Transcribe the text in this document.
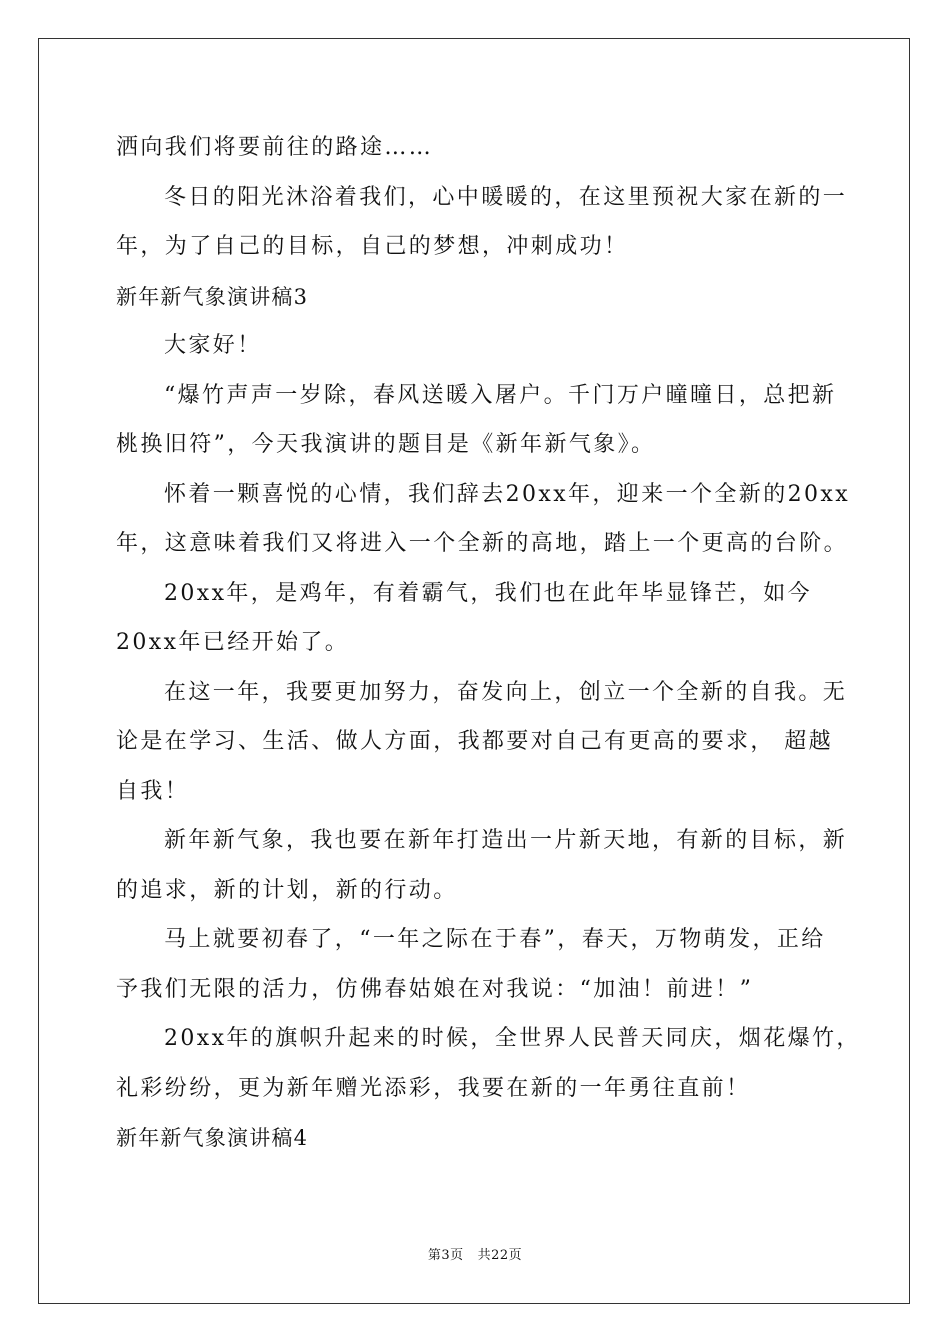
洒向我们将要前往的路途……
冬日的阳光沐浴着我们，心中暖暖的，在这里预祝大家在新的一
年，为了自己的目标，自己的梦想，冲刺成功！
新年新气象演讲稿3
大家好！
“爆竹声声一岁除，春风送暖入屠户。千门万户曈曈日，总把新
桃换旧符”，今天我演讲的题目是《新年新气象》。
怀着一颗喜悦的心情，我们辞去20xx年，迎来一个全新的20xx
年，这意味着我们又将进入一个全新的高地，踏上一个更高的台阶。
20xx年，是鸡年，有着霸气，我们也在此年毕显锋芒，如今
20xx年已经开始了。
在这一年，我要更加努力，奋发向上，创立一个全新的自我。无
论是在学习、生活、做人方面，我都要对自己有更高的要求， 超越
自我！
新年新气象，我也要在新年打造出一片新天地，有新的目标，新
的追求，新的计划，新的行动。
马上就要初春了，“一年之际在于春”，春天，万物萌发，正给
予我们无限的活力，仿佛春姑娘在对我说：“加油！前进！”
20xx年的旗帜升起来的时候，全世界人民普天同庆，烟花爆竹，
礼彩纷纷，更为新年赠光添彩，我要在新的一年勇往直前！
新年新气象演讲稿4
第3页 共22页
